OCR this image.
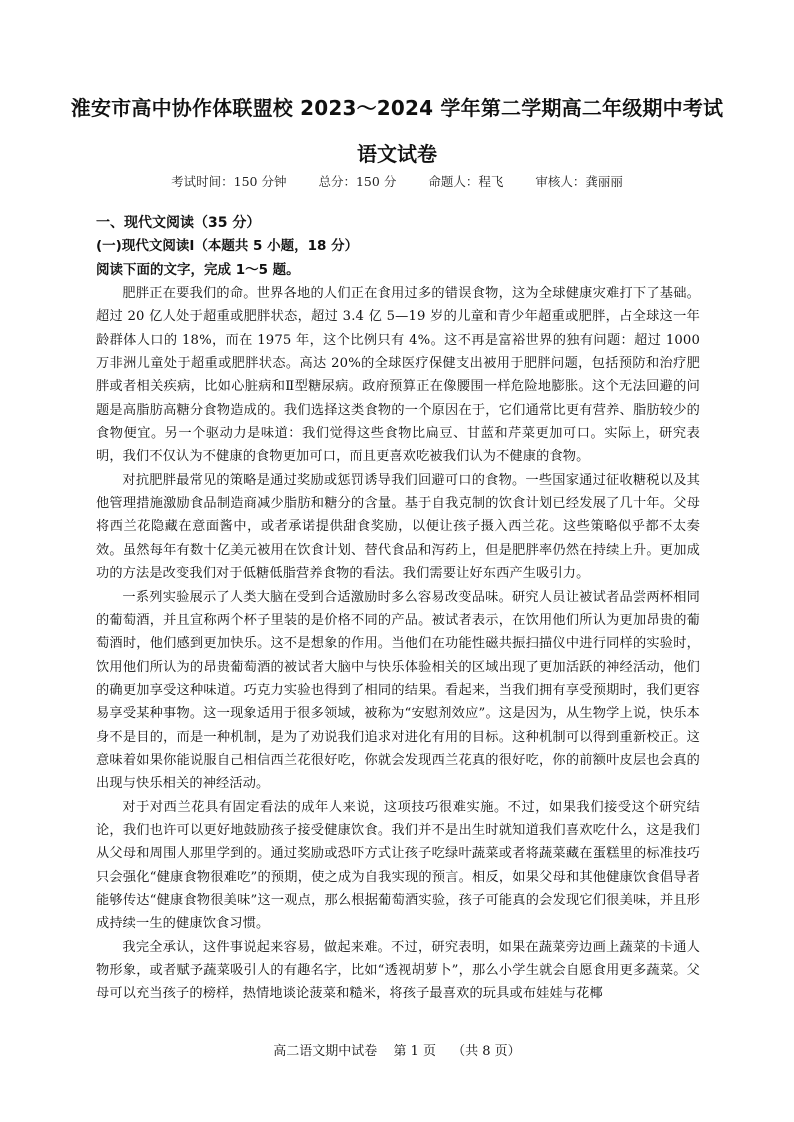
淮安市高中协作体联盟校 2023～2024 学年第二学期高二年级期中考试
语文试卷
考试时间：150 分钟	总分：150 分	命题人：程飞	审核人：龚丽丽
一、现代文阅读（35 分）
(一)现代文阅读Ⅰ（本题共 5 小题，18 分）
阅读下面的文字，完成 1～5 题。

肥胖正在要我们的命。世界各地的人们正在食用过多的错误食物，这为全球健康灾难打下了基础。超过 20 亿人处于超重或肥胖状态，超过 3.4 亿 5—19 岁的儿童和青少年超重或肥胖，占全球这一年龄群体人口的 18%，而在 1975 年，这个比例只有 4%。这不再是富裕世界的独有问题：超过 1000 万非洲儿童处于超重或肥胖状态。高达 20%的全球医疗保健支出被用于肥胖问题，包括预防和治疗肥胖或者相关疾病，比如心脏病和Ⅱ型糖尿病。政府预算正在像腰围一样危险地膨胀。这个无法回避的问题是高脂肪高糖分食物造成的。我们选择这类食物的一个原因在于，它们通常比更有营养、脂肪较少的食物便宜。另一个驱动力是味道：我们觉得这些食物比扁豆、甘蓝和芹菜更加可口。实际上，研究表明，我们不仅认为不健康的食物更加可口，而且更喜欢吃被我们认为不健康的食物。

对抗肥胖最常见的策略是通过奖励或惩罚诱导我们回避可口的食物。一些国家通过征收糖税以及其他管理措施激励食品制造商减少脂肪和糖分的含量。基于自我克制的饮食计划已经发展了几十年。父母将西兰花隐藏在意面酱中，或者承诺提供甜食奖励，以便让孩子摄入西兰花。这些策略似乎都不太奏效。虽然每年有数十亿美元被用在饮食计划、替代食品和泻药上，但是肥胖率仍然在持续上升。更加成功的方法是改变我们对于低糖低脂营养食物的看法。我们需要让好东西产生吸引力。

一系列实验展示了人类大脑在受到合适激励时多么容易改变品味。研究人员让被试者品尝两杯相同的葡萄酒，并且宣称两个杯子里装的是价格不同的产品。被试者表示，在饮用他们所认为更加昂贵的葡萄酒时，他们感到更加快乐。这不是想象的作用。当他们在功能性磁共振扫描仪中进行同样的实验时，饮用他们所认为的昂贵葡萄酒的被试者大脑中与快乐体验相关的区域出现了更加活跃的神经活动，他们的确更加享受这种味道。巧克力实验也得到了相同的结果。看起来，当我们拥有享受预期时，我们更容易享受某种事物。这一现象适用于很多领域，被称为“安慰剂效应”。这是因为，从生物学上说，快乐本身不是目的，而是一种机制，是为了劝说我们追求对进化有用的目标。这种机制可以得到重新校正。这意味着如果你能说服自己相信西兰花很好吃，你就会发现西兰花真的很好吃，你的前额叶皮层也会真的出现与快乐相关的神经活动。

对于对西兰花具有固定看法的成年人来说，这项技巧很难实施。不过，如果我们接受这个研究结论，我们也许可以更好地鼓励孩子接受健康饮食。我们并不是出生时就知道我们喜欢吃什么，这是我们从父母和周围人那里学到的。通过奖励或恐吓方式让孩子吃绿叶蔬菜或者将蔬菜藏在蛋糕里的标准技巧只会强化“健康食物很难吃”的预期，使之成为自我实现的预言。相反，如果父母和其他健康饮食倡导者能够传达“健康食物很美味”这一观点，那么根据葡萄酒实验，孩子可能真的会发现它们很美味，并且形成持续一生的健康饮食习惯。

我完全承认，这件事说起来容易，做起来难。不过，研究表明，如果在蔬菜旁边画上蔬菜的卡通人物形象，或者赋予蔬菜吸引人的有趣名字，比如“透视胡萝卜”，那么小学生就会自愿食用更多蔬菜。父母可以充当孩子的榜样，热情地谈论菠菜和糙米，将孩子最喜欢的玩具或布娃娃与花椰

高二语文期中试卷 第 1 页 （共 8 页）
